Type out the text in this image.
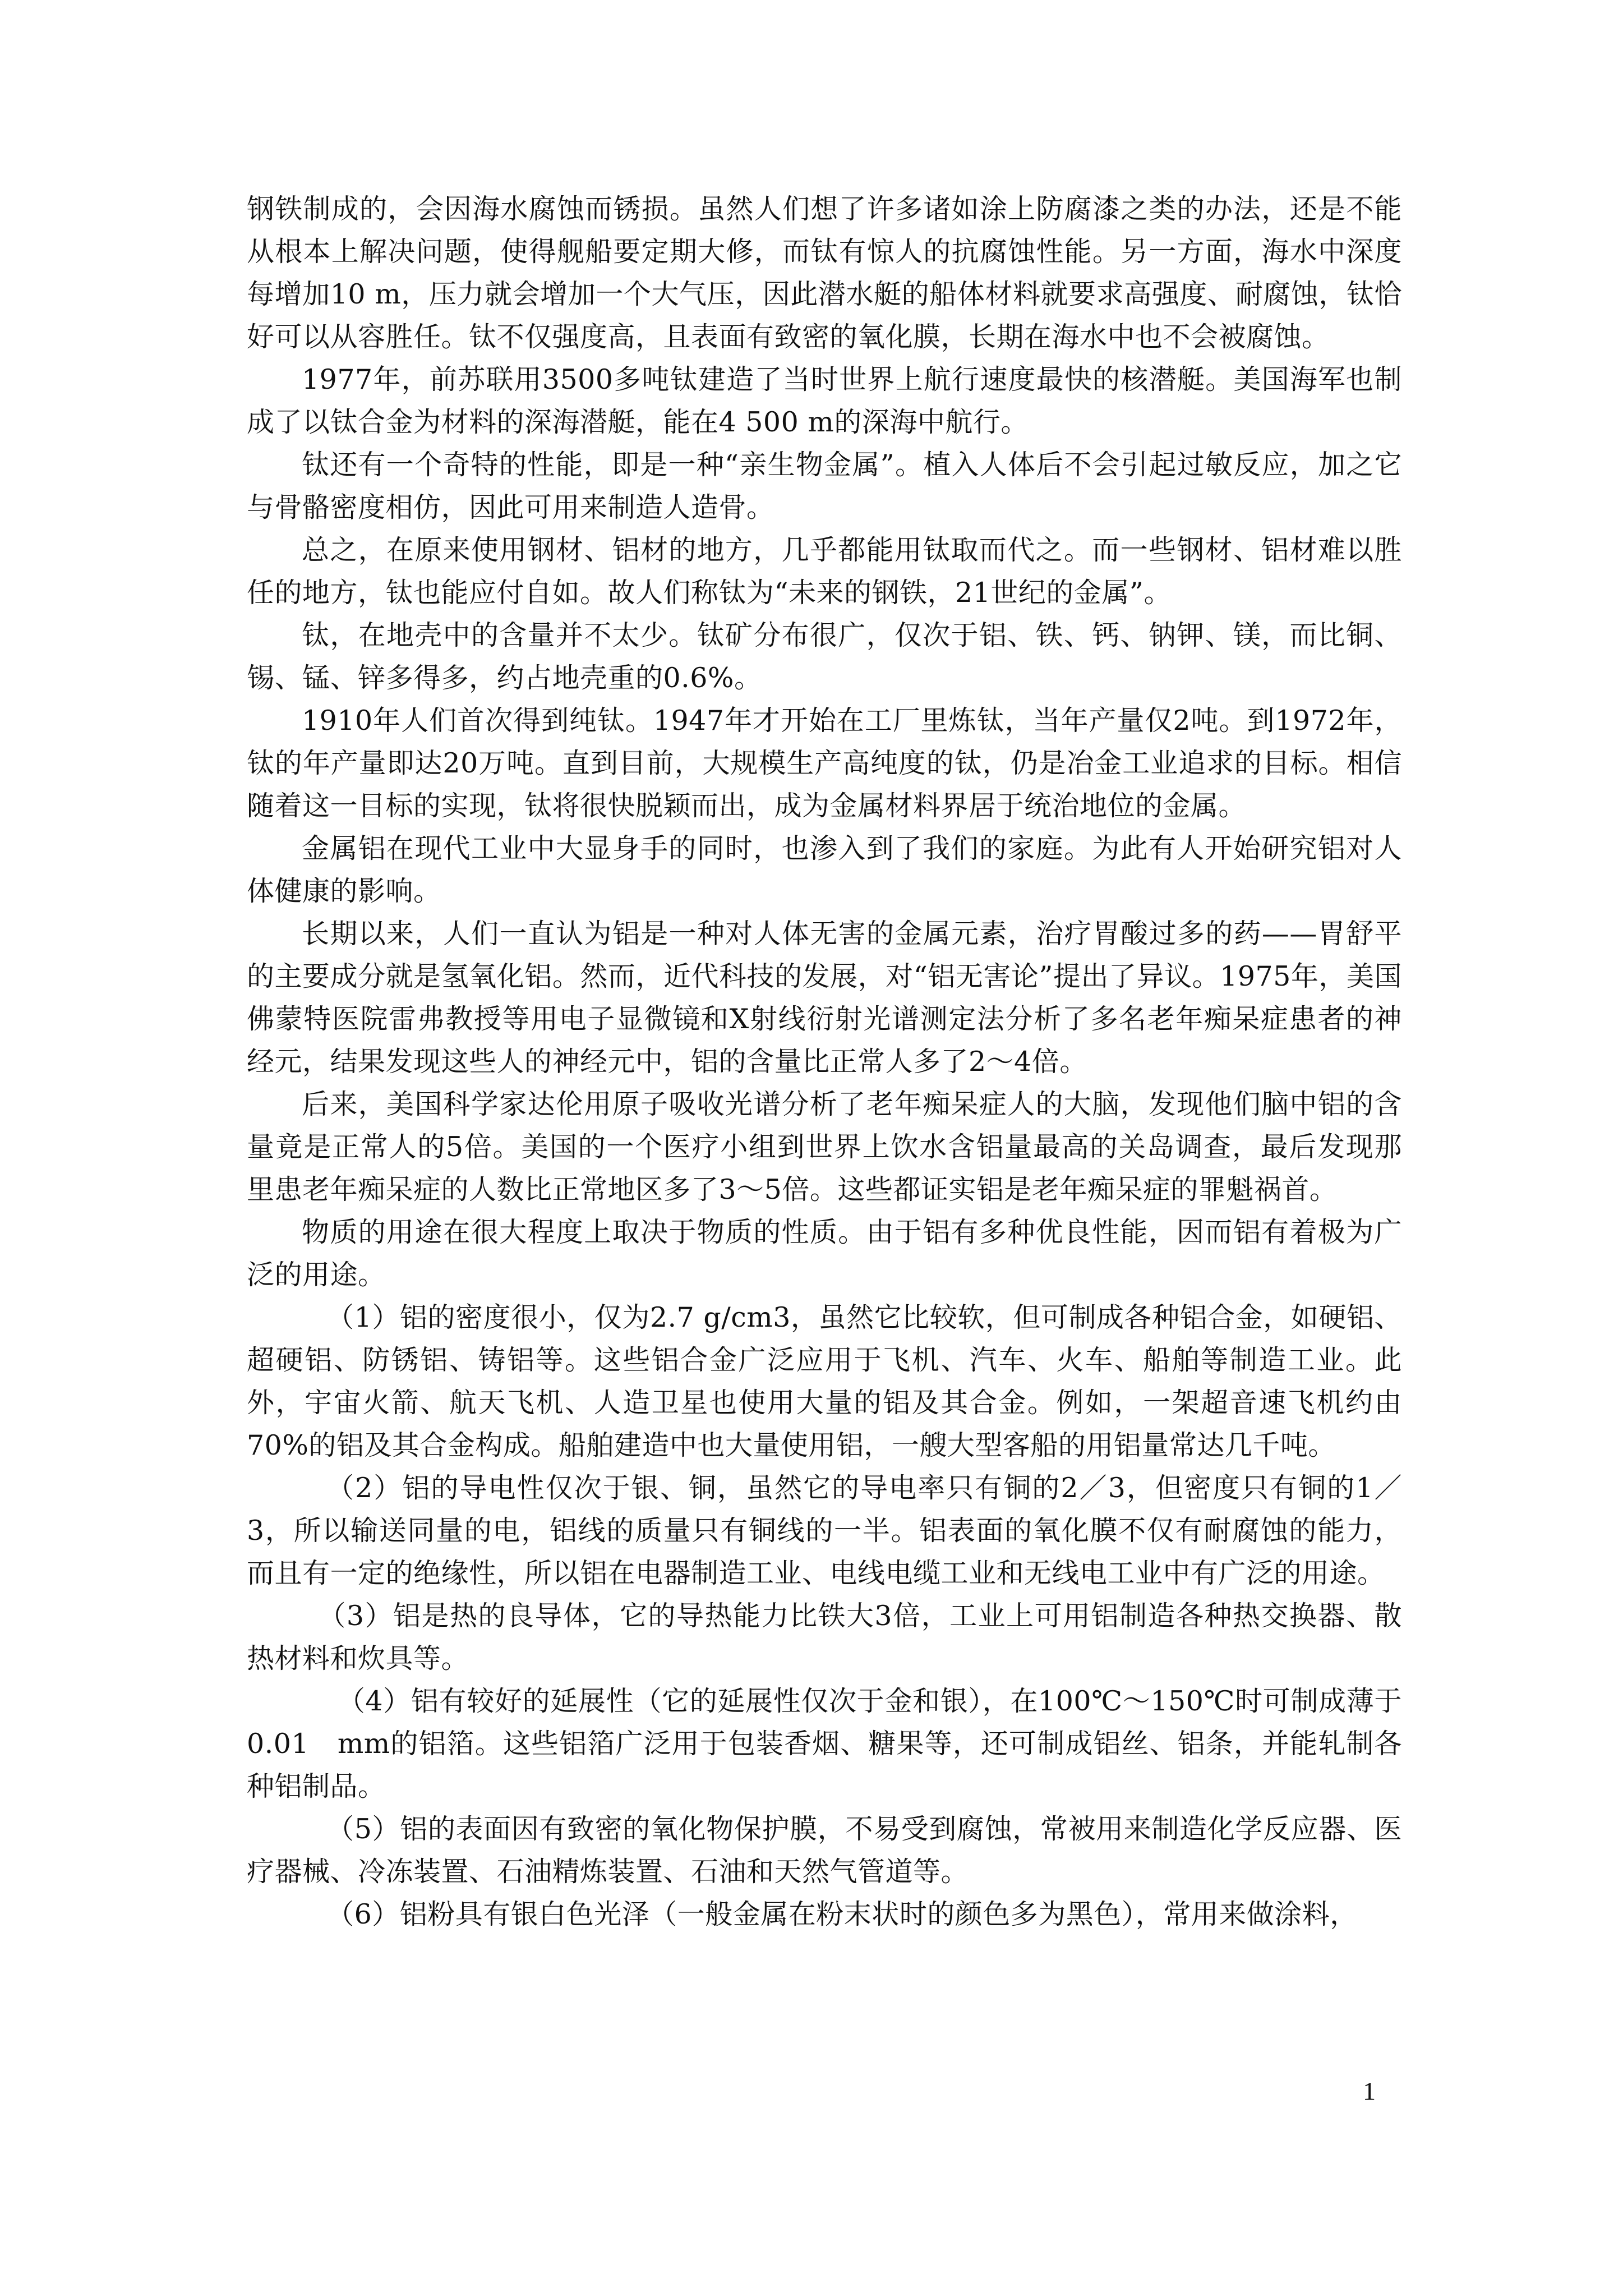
钢铁制成的，会因海水腐蚀而锈损。虽然人们想了许多诸如涂上防腐漆之类的办法，还是不能从根本上解决问题，使得舰船要定期大修，而钛有惊人的抗腐蚀性能。另一方面，海水中深度每增加10 m，压力就会增加一个大气压，因此潜水艇的船体材料就要求高强度、耐腐蚀，钛恰好可以从容胜任。钛不仅强度高，且表面有致密的氧化膜，长期在海水中也不会被腐蚀。

1977年，前苏联用3500多吨钛建造了当时世界上航行速度最快的核潜艇。美国海军也制成了以钛合金为材料的深海潜艇，能在4 500 m的深海中航行。

钛还有一个奇特的性能，即是一种“亲生物金属”。植入人体后不会引起过敏反应，加之它与骨骼密度相仿，因此可用来制造人造骨。

总之，在原来使用钢材、铝材的地方，几乎都能用钛取而代之。而一些钢材、铝材难以胜任的地方，钛也能应付自如。故人们称钛为“未来的钢铁，21世纪的金属”。

钛，在地壳中的含量并不太少。钛矿分布很广，仅次于铝、铁、钙、钠钾、镁，而比铜、锡、锰、锌多得多，约占地壳重的0.6%。

1910年人们首次得到纯钛。1947年才开始在工厂里炼钛，当年产量仅2吨。到1972年，钛的年产量即达20万吨。直到目前，大规模生产高纯度的钛，仍是冶金工业追求的目标。相信随着这一目标的实现，钛将很快脱颖而出，成为金属材料界居于统治地位的金属。

金属铝在现代工业中大显身手的同时，也渗入到了我们的家庭。为此有人开始研究铝对人体健康的影响。

长期以来，人们一直认为铝是一种对人体无害的金属元素，治疗胃酸过多的药——胃舒平的主要成分就是氢氧化铝。然而，近代科技的发展，对“铝无害论”提出了异议。1975年，美国佛蒙特医院雷弗教授等用电子显微镜和X射线衍射光谱测定法分析了多名老年痴呆症患者的神经元，结果发现这些人的神经元中，铝的含量比正常人多了2～4倍。

后来，美国科学家达伦用原子吸收光谱分析了老年痴呆症人的大脑，发现他们脑中铝的含量竟是正常人的5倍。美国的一个医疗小组到世界上饮水含铝量最高的关岛调查，最后发现那里患老年痴呆症的人数比正常地区多了3～5倍。这些都证实铝是老年痴呆症的罪魁祸首。

物质的用途在很大程度上取决于物质的性质。由于铝有多种优良性能，因而铝有着极为广泛的用途。

（1）铝的密度很小，仅为2.7 g/cm3，虽然它比较软，但可制成各种铝合金，如硬铝、超硬铝、防锈铝、铸铝等。这些铝合金广泛应用于飞机、汽车、火车、船舶等制造工业。此外，宇宙火箭、航天飞机、人造卫星也使用大量的铝及其合金。例如，一架超音速飞机约由70%的铝及其合金构成。船舶建造中也大量使用铝，一艘大型客船的用铝量常达几千吨。

（2）铝的导电性仅次于银、铜，虽然它的导电率只有铜的2／3，但密度只有铜的1／3，所以输送同量的电，铝线的质量只有铜线的一半。铝表面的氧化膜不仅有耐腐蚀的能力，而且有一定的绝缘性，所以铝在电器制造工业、电线电缆工业和无线电工业中有广泛的用途。

（3）铝是热的良导体，它的导热能力比铁大3倍，工业上可用铝制造各种热交换器、散热材料和炊具等。

（4）铝有较好的延展性（它的延展性仅次于金和银），在100℃～150℃时可制成薄于0.01　mm的铝箔。这些铝箔广泛用于包装香烟、糖果等，还可制成铝丝、铝条，并能轧制各种铝制品。

（5）铝的表面因有致密的氧化物保护膜，不易受到腐蚀，常被用来制造化学反应器、医疗器械、冷冻装置、石油精炼装置、石油和天然气管道等。

（6）铝粉具有银白色光泽（一般金属在粉末状时的颜色多为黑色），常用来做涂料，

1
